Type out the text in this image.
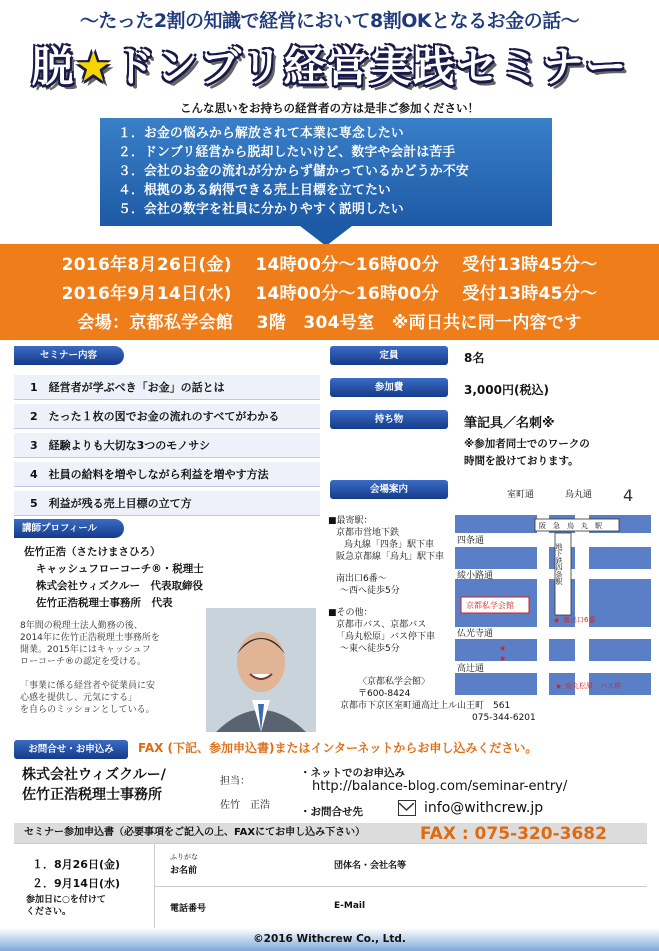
〜たった2割の知識で経営において8割OKとなるお金の話〜
脱★ドンブリ経営実践セミナー
こんな思いをお持ちの経営者の方は是非ご参加ください！
１．お金の悩みから解放されて本業に専念したい
２．ドンブリ経営から脱却したいけど、数字や会計は苦手
３．会社のお金の流れが分からず儲かっているかどうか不安
４．根拠のある納得できる売上目標を立てたい
５．会社の数字を社員に分かりやすく説明したい
2016年8月26日(金)　 14時00分〜16時00分　 受付13時45分〜
2016年9月14日(水)　 14時00分〜16時00分　 受付13時45分〜
会場：京都私学会館　 3階　304号室　※両日共に同一内容です
セミナー内容
1　経営者が学ぶべき「お金」の話とは
2　たった１枚の図でお金の流れのすべてがわかる
3　経験よりも大切な3つのモノサシ
4　社員の給料を増やしながら利益を増やす方法
5　利益が残る売上目標の立て方
定員	8名
参加費	3,000円(税込)
持ち物	筆記具／名刺※
※参加者同士でのワークの
時間を設けております。
会場案内
■最寄駅：
京都市営地下鉄
烏丸線「四条」駅下車
阪急京都線「烏丸」駅下車
南出口6番〜
〜西へ徒歩5分
■その他：
京都市バス、京都バス
「烏丸松原」バス停下車
〜東へ徒歩5分
〈京都私学会館〉
〒600-8424
京都市下京区室町通高辻上ル山王町　561
075-344-6201
阪　急　烏　丸　駅
地下鉄四条駅
室町通	烏丸通
四条通
綾小路通
仏光寺通
高辻通
京都私学会館
★ 南出口6番
★
★
★ 烏丸松原　バス停
4
講師プロフィール
佐竹正浩（さたけまさひろ）
キャッシュフローコーチ®・税理士
株式会社ウィズクルー　代表取締役
佐竹正浩税理士事務所　代表
8年間の税理士法人勤務の後、
2014年に佐竹正浩税理士事務所を
開業。2015年にはキャッシュフ
ローコーチ®の認定を受ける。
「事業に係る経営者や従業員に安
心感を提供し、元気にする」
を自らのミッションとしている。
お問合せ・お申込み	FAX (下記、参加申込書)またはインターネットからお申し込みください。
株式会社ウィズクルー/
佐竹正浩税理士事務所
担当：
佐竹　正浩
・ネットでのお申込み
http://balance-blog.com/seminar-entry/
・お問合せ先	info@withcrew.jp
セミナー参加申込書（必要事項をご記入の上、FAXにてお申し込み下さい）	FAX : 075-320-3682
１．8月26日(金)
２．9月14日(水)
参加日に○を付けて
ください。
ふりがな
お名前	団体名・会社名等
電話番号	E-Mail
©2016 Withcrew Co., Ltd.
